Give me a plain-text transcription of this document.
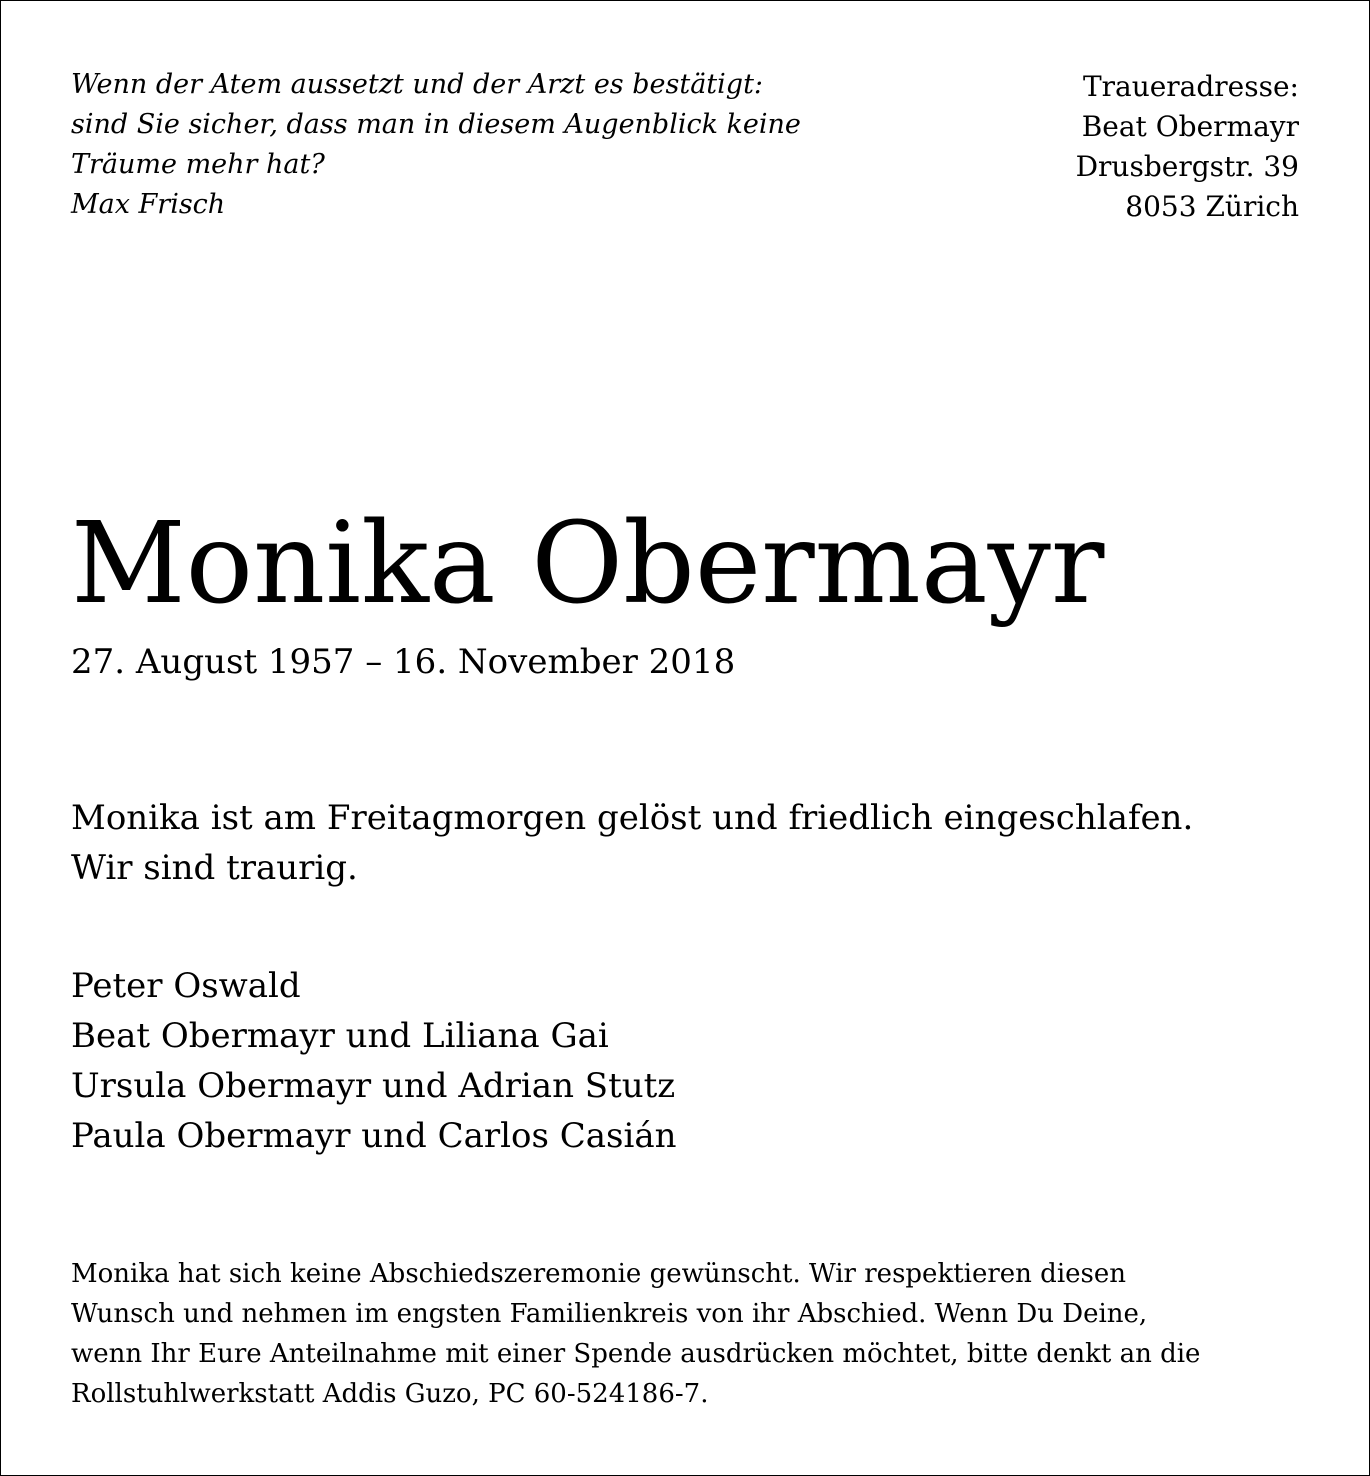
Wenn der Atem aussetzt und der Arzt es bestätigt:
sind Sie sicher, dass man in diesem Augenblick keine
Träume mehr hat?
Max Frisch
Traueradresse:
Beat Obermayr
Drusbergstr. 39
8053 Zürich
Monika Obermayr
27. August 1957 – 16. November 2018
Monika ist am Freitagmorgen gelöst und friedlich eingeschlafen.
Wir sind traurig.
Peter Oswald
Beat Obermayr und Liliana Gai
Ursula Obermayr und Adrian Stutz
Paula Obermayr und Carlos Casián
Monika hat sich keine Abschiedszeremonie gewünscht. Wir respektieren diesen
Wunsch und nehmen im engsten Familienkreis von ihr Abschied. Wenn Du Deine,
wenn Ihr Eure Anteilnahme mit einer Spende ausdrücken möchtet, bitte denkt an die
Rollstuhlwerkstatt Addis Guzo, PC 60-524186-7.
